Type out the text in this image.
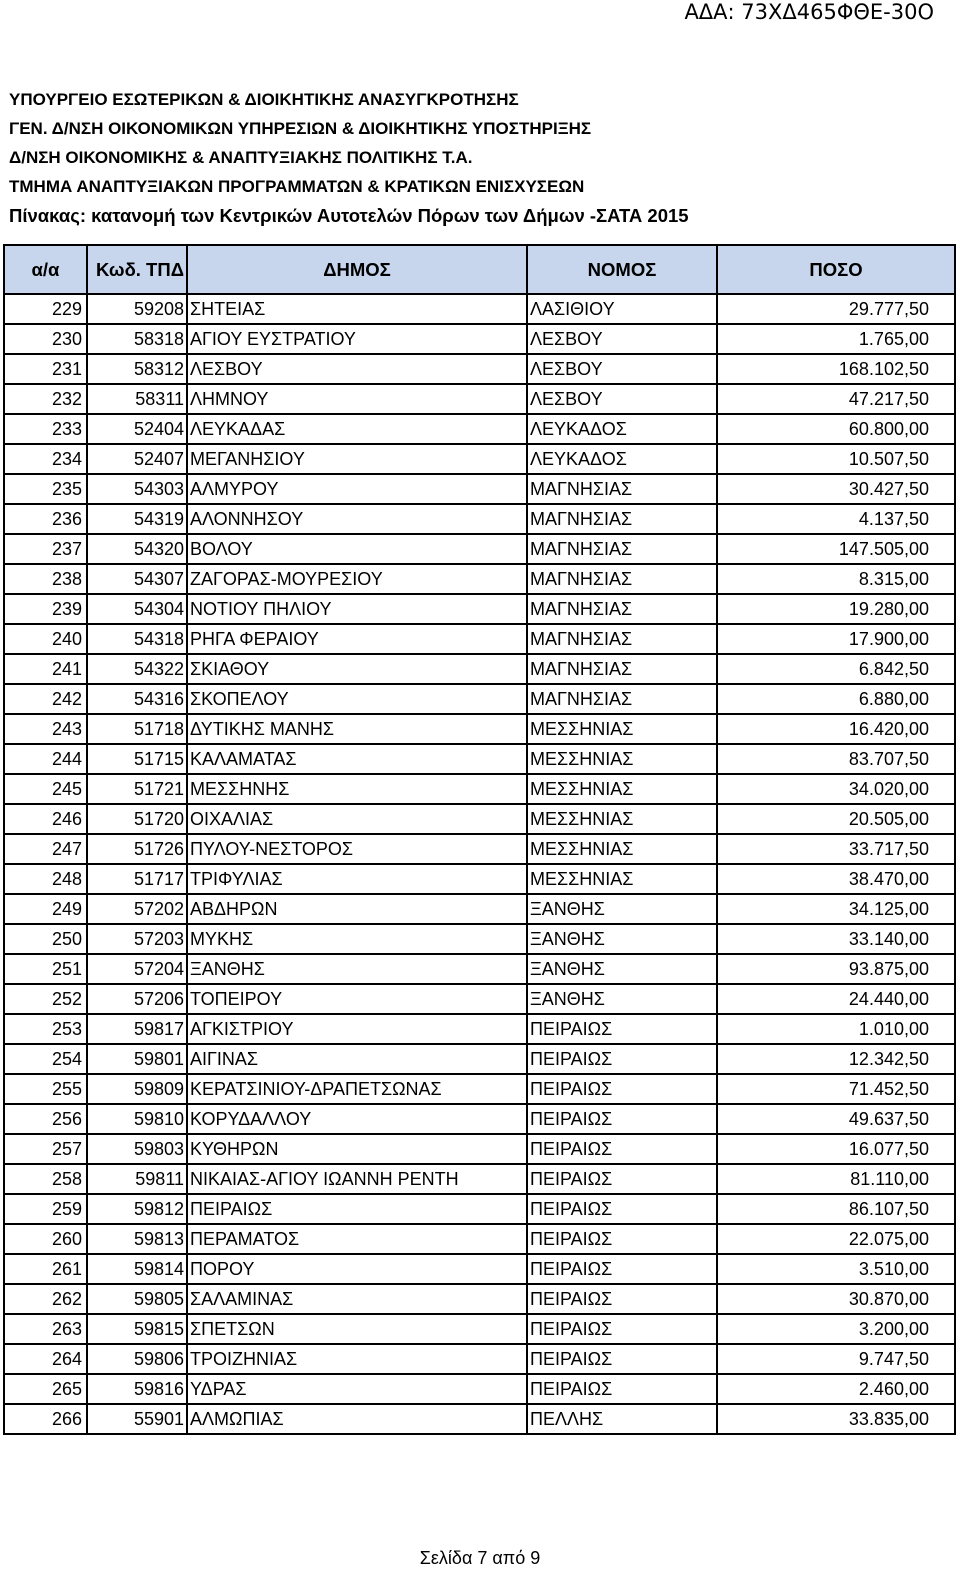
ΑΔΑ: 73ΧΔ465ΦΘΕ-30Ο
ΥΠΟΥΡΓΕΙΟ ΕΣΩΤΕΡΙΚΩΝ & ΔΙΟΙΚΗΤΙΚΗΣ ΑΝΑΣΥΓΚΡΟΤΗΣΗΣ
ΓΕΝ. Δ/ΝΣΗ ΟΙΚΟΝΟΜΙΚΩΝ ΥΠΗΡΕΣΙΩΝ & ΔΙΟΙΚΗΤΙΚΗΣ ΥΠΟΣΤΗΡΙΞΗΣ
Δ/ΝΣΗ ΟΙΚΟΝΟΜΙΚΗΣ & ΑΝΑΠΤΥΞΙΑΚΗΣ ΠΟΛΙΤΙΚΗΣ Τ.Α.
ΤΜΗΜΑ ΑΝΑΠΤΥΞΙΑΚΩΝ ΠΡΟΓΡΑΜΜΑΤΩΝ & ΚΡΑΤΙΚΩΝ ΕΝΙΣΧΥΣΕΩΝ
Πίνακας: κατανομή των Κεντρικών Αυτοτελών Πόρων των Δήμων -ΣΑΤΑ 2015
α/α	Κωδ. ΤΠΔ	ΔΗΜΟΣ	ΝΟΜΟΣ	ΠΟΣΟ
229	59208	ΣΗΤΕΙΑΣ	ΛΑΣΙΘΙΟΥ	29.777,50
230	58318	ΑΓΙΟΥ ΕΥΣΤΡΑΤΙΟΥ	ΛΕΣΒΟΥ	1.765,00
231	58312	ΛΕΣΒΟΥ	ΛΕΣΒΟΥ	168.102,50
232	58311	ΛΗΜΝΟΥ	ΛΕΣΒΟΥ	47.217,50
233	52404	ΛΕΥΚΑΔΑΣ	ΛΕΥΚΑΔΟΣ	60.800,00
234	52407	ΜΕΓΑΝΗΣΙΟΥ	ΛΕΥΚΑΔΟΣ	10.507,50
235	54303	ΑΛΜΥΡΟΥ	ΜΑΓΝΗΣΙΑΣ	30.427,50
236	54319	ΑΛΟΝΝΗΣΟΥ	ΜΑΓΝΗΣΙΑΣ	4.137,50
237	54320	ΒΟΛΟΥ	ΜΑΓΝΗΣΙΑΣ	147.505,00
238	54307	ΖΑΓΟΡΑΣ-ΜΟΥΡΕΣΙΟΥ	ΜΑΓΝΗΣΙΑΣ	8.315,00
239	54304	ΝΟΤΙΟΥ ΠΗΛΙΟΥ	ΜΑΓΝΗΣΙΑΣ	19.280,00
240	54318	ΡΗΓΑ ΦΕΡΑΙΟΥ	ΜΑΓΝΗΣΙΑΣ	17.900,00
241	54322	ΣΚΙΑΘΟΥ	ΜΑΓΝΗΣΙΑΣ	6.842,50
242	54316	ΣΚΟΠΕΛΟΥ	ΜΑΓΝΗΣΙΑΣ	6.880,00
243	51718	ΔΥΤΙΚΗΣ ΜΑΝΗΣ	ΜΕΣΣΗΝΙΑΣ	16.420,00
244	51715	ΚΑΛΑΜΑΤΑΣ	ΜΕΣΣΗΝΙΑΣ	83.707,50
245	51721	ΜΕΣΣΗΝΗΣ	ΜΕΣΣΗΝΙΑΣ	34.020,00
246	51720	ΟΙΧΑΛΙΑΣ	ΜΕΣΣΗΝΙΑΣ	20.505,00
247	51726	ΠΥΛΟΥ-ΝΕΣΤΟΡΟΣ	ΜΕΣΣΗΝΙΑΣ	33.717,50
248	51717	ΤΡΙΦΥΛΙΑΣ	ΜΕΣΣΗΝΙΑΣ	38.470,00
249	57202	ΑΒΔΗΡΩΝ	ΞΑΝΘΗΣ	34.125,00
250	57203	ΜΥΚΗΣ	ΞΑΝΘΗΣ	33.140,00
251	57204	ΞΑΝΘΗΣ	ΞΑΝΘΗΣ	93.875,00
252	57206	ΤΟΠΕΙΡΟΥ	ΞΑΝΘΗΣ	24.440,00
253	59817	ΑΓΚΙΣΤΡΙΟΥ	ΠΕΙΡΑΙΩΣ	1.010,00
254	59801	ΑΙΓΙΝΑΣ	ΠΕΙΡΑΙΩΣ	12.342,50
255	59809	ΚΕΡΑΤΣΙΝΙΟΥ-ΔΡΑΠΕΤΣΩΝΑΣ	ΠΕΙΡΑΙΩΣ	71.452,50
256	59810	ΚΟΡΥΔΑΛΛΟΥ	ΠΕΙΡΑΙΩΣ	49.637,50
257	59803	ΚΥΘΗΡΩΝ	ΠΕΙΡΑΙΩΣ	16.077,50
258	59811	ΝΙΚΑΙΑΣ-ΑΓΙΟΥ ΙΩΑΝΝΗ ΡΕΝΤΗ	ΠΕΙΡΑΙΩΣ	81.110,00
259	59812	ΠΕΙΡΑΙΩΣ	ΠΕΙΡΑΙΩΣ	86.107,50
260	59813	ΠΕΡΑΜΑΤΟΣ	ΠΕΙΡΑΙΩΣ	22.075,00
261	59814	ΠΟΡΟΥ	ΠΕΙΡΑΙΩΣ	3.510,00
262	59805	ΣΑΛΑΜΙΝΑΣ	ΠΕΙΡΑΙΩΣ	30.870,00
263	59815	ΣΠΕΤΣΩΝ	ΠΕΙΡΑΙΩΣ	3.200,00
264	59806	ΤΡΟΙΖΗΝΙΑΣ	ΠΕΙΡΑΙΩΣ	9.747,50
265	59816	ΥΔΡΑΣ	ΠΕΙΡΑΙΩΣ	2.460,00
266	55901	ΑΛΜΩΠΙΑΣ	ΠΕΛΛΗΣ	33.835,00
Σελίδα 7 από 9
